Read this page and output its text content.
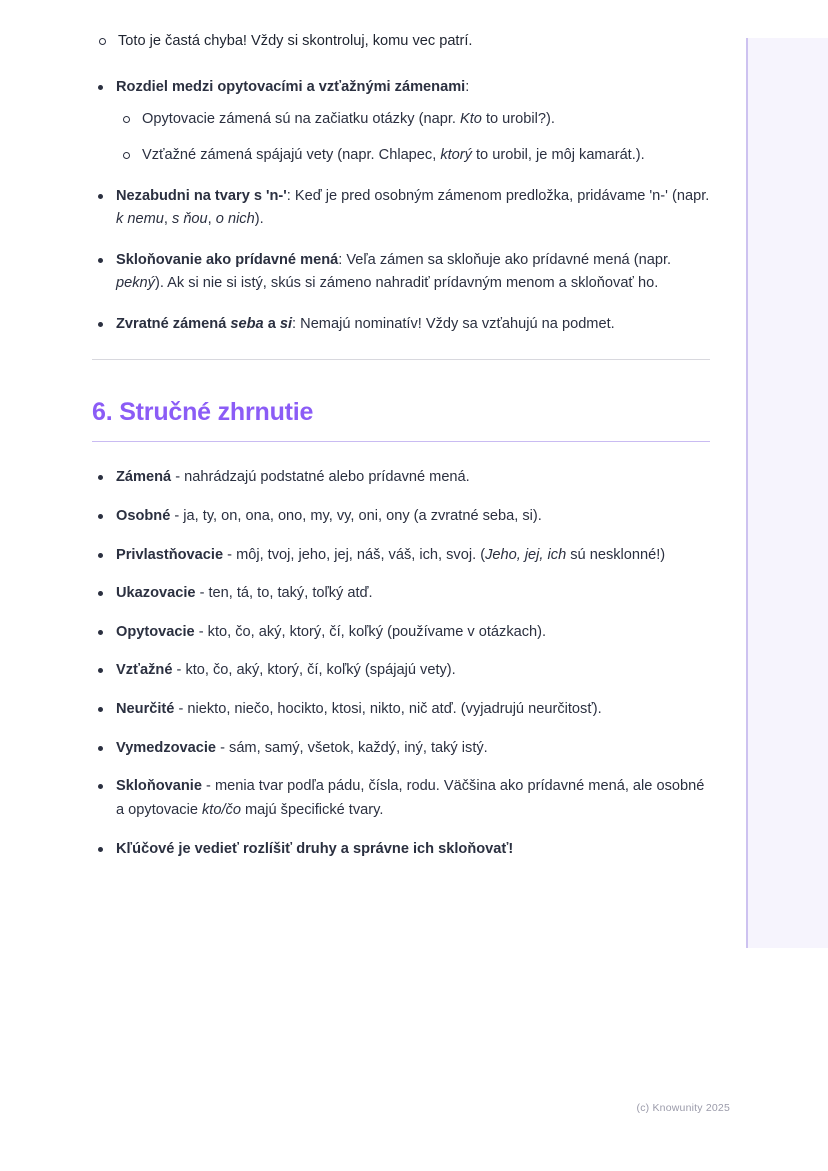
Toto je častá chyba! Vždy si skontroluj, komu vec patrí.
Rozdiel medzi opytovacími a vzťažnými zámenami:
Opytovacie zámená sú na začiatku otázky (napr. Kto to urobil?).
Vzťažné zámená spájajú vety (napr. Chlapec, ktorý to urobil, je môj kamarát.).
Nezabudni na tvary s 'n-': Keď je pred osobným zámenom predložka, pridávame 'n-' (napr. k nemu, s ňou, o nich).
Skloňovanie ako prídavné mená: Veľa zámen sa skloňuje ako prídavné mená (napr. pekný). Ak si nie si istý, skús si zámeno nahradiť prídavným menom a skloňovať ho.
Zvratné zámená seba a si: Nemajú nominatív! Vždy sa vzťahujú na podmet.
6. Stručné zhrnutie
Zámená - nahrádzajú podstatné alebo prídavné mená.
Osobné - ja, ty, on, ona, ono, my, vy, oni, ony (a zvratné seba, si).
Privlastňovacie - môj, tvoj, jeho, jej, náš, váš, ich, svoj. (Jeho, jej, ich sú nesklonné!)
Ukazovacie - ten, tá, to, taký, toľký atď.
Opytovacie - kto, čo, aký, ktorý, čí, koľký (používame v otázkach).
Vzťažné - kto, čo, aký, ktorý, čí, koľký (spájajú vety).
Neurčité - niekto, niečo, hocikto, ktosi, nikto, nič atď. (vyjadrujú neurčitosť).
Vymedzovacie - sám, samý, všetok, každý, iný, taký istý.
Skloňovanie - menia tvar podľa pádu, čísla, rodu. Väčšina ako prídavné mená, ale osobné a opytovacie kto/čo majú špecifické tvary.
Kľúčové je vedieť rozlíšiť druhy a správne ich skloňovať!
(c) Knowunity 2025
